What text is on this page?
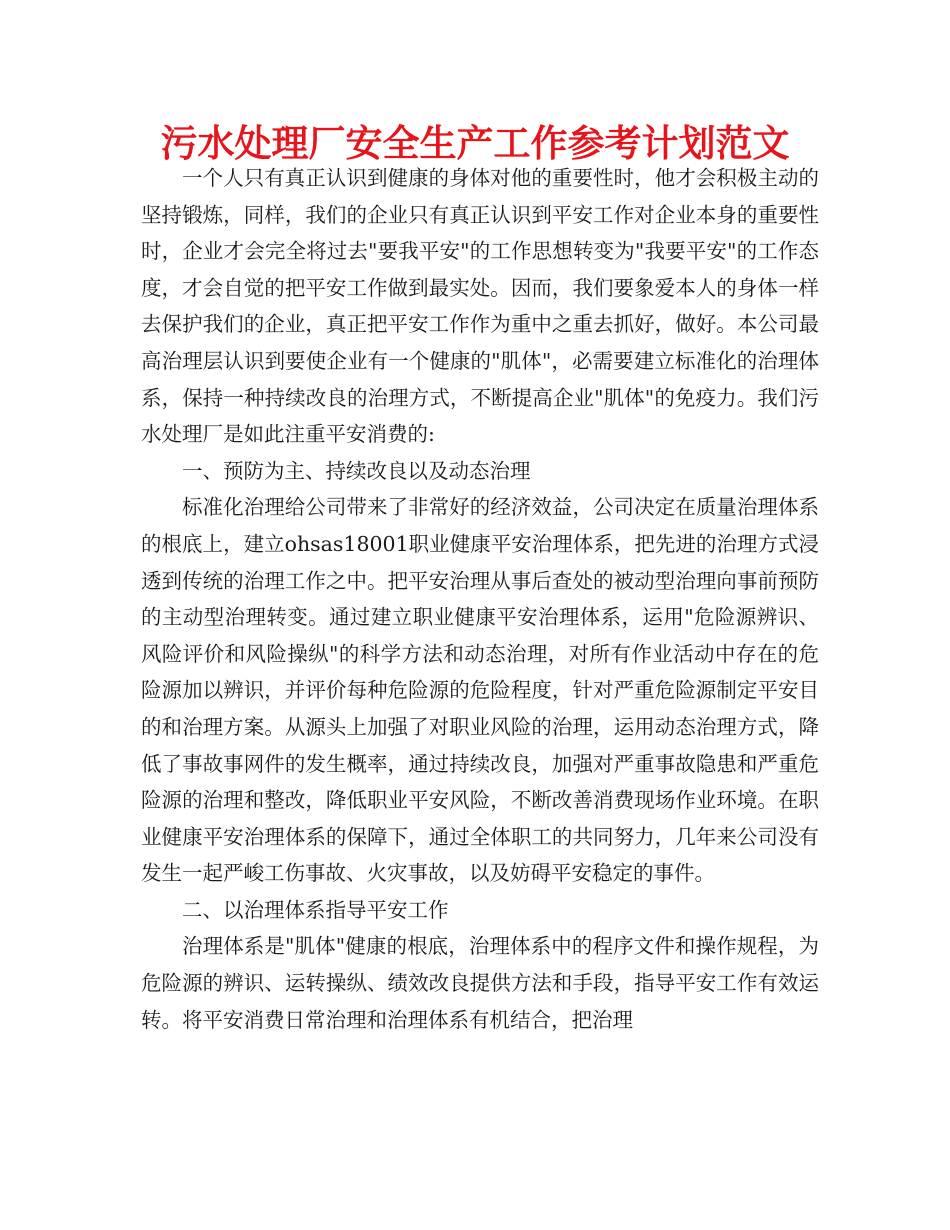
污水处理厂安全生产工作参考计划范文

一个人只有真正认识到健康的身体对他的重要性时，他才会积极主动的坚持锻炼，同样，我们的企业只有真正认识到平安工作对企业本身的重要性时，企业才会完全将过去"要我平安"的工作思想转变为"我要平安"的工作态度，才会自觉的把平安工作做到最实处。因而，我们要象爱本人的身体一样去保护我们的企业，真正把平安工作作为重中之重去抓好，做好。本公司最高治理层认识到要使企业有一个健康的"肌体"，必需要建立标准化的治理体系，保持一种持续改良的治理方式，不断提高企业"肌体"的免疫力。我们污水处理厂是如此注重平安消费的:

一、预防为主、持续改良以及动态治理

标准化治理给公司带来了非常好的经济效益，公司决定在质量治理体系的根底上，建立ohsas18001职业健康平安治理体系，把先进的治理方式浸透到传统的治理工作之中。把平安治理从事后查处的被动型治理向事前预防的主动型治理转变。通过建立职业健康平安治理体系，运用"危险源辨识、风险评价和风险操纵"的科学方法和动态治理，对所有作业活动中存在的危险源加以辨识，并评价每种危险源的危险程度，针对严重危险源制定平安目的和治理方案。从源头上加强了对职业风险的治理，运用动态治理方式，降低了事故事网件的发生概率，通过持续改良，加强对严重事故隐患和严重危险源的治理和整改，降低职业平安风险，不断改善消费现场作业环境。在职业健康平安治理体系的保障下，通过全体职工的共同努力，几年来公司没有发生一起严峻工伤事故、火灾事故，以及妨碍平安稳定的事件。

二、以治理体系指导平安工作

治理体系是"肌体"健康的根底，治理体系中的程序文件和操作规程，为危险源的辨识、运转操纵、绩效改良提供方法和手段，指导平安工作有效运转。将平安消费日常治理和治理体系有机结合，把治理
